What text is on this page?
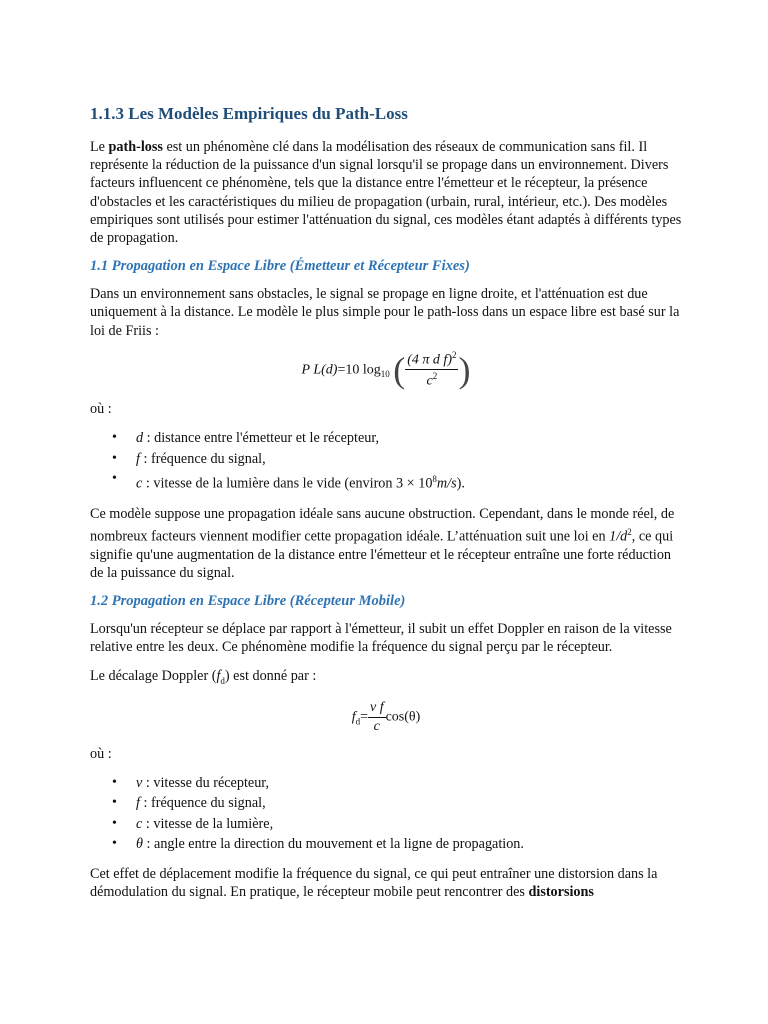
1.1.3 Les Modèles Empiriques du Path-Loss

Le path-loss est un phénomène clé dans la modélisation des réseaux de communication sans fil. Il représente la réduction de la puissance d'un signal lorsqu'il se propage dans un environnement. Divers facteurs influencent ce phénomène, tels que la distance entre l'émetteur et le récepteur, la présence d'obstacles et les caractéristiques du milieu de propagation (urbain, rural, intérieur, etc.). Des modèles empiriques sont utilisés pour estimer l'atténuation du signal, ces modèles étant adaptés à différents types de propagation.

1.1 Propagation en Espace Libre (Émetteur et Récepteur Fixes)

Dans un environnement sans obstacles, le signal se propage en ligne droite, et l'atténuation est due uniquement à la distance. Le modèle le plus simple pour le path-loss dans un espace libre est basé sur la loi de Friis :

P L(d)=10 $\log_{10}$ ( $\frac{(4 \pi d f)^2}{c^2}$ )

où :

• d : distance entre l'émetteur et le récepteur,
• f : fréquence du signal,
• c : vitesse de la lumière dans le vide (environ $3 \times 10^8m/s$).

Ce modèle suppose une propagation idéale sans aucune obstruction. Cependant, dans le monde réel, de nombreux facteurs viennent modifier cette propagation idéale. L’atténuation suit une loi en $1/d^2$, ce qui signifie qu'une augmentation de la distance entre l'émetteur et le récepteur entraîne une forte réduction de la puissance du signal.

1.2 Propagation en Espace Libre (Récepteur Mobile)

Lorsqu'un récepteur se déplace par rapport à l'émetteur, il subit un effet Doppler en raison de la vitesse relative entre les deux. Ce phénomène modifie la fréquence du signal perçu par le récepteur.

Le décalage Doppler $(f_d)$ est donné par :

$f_d= \frac{\text{v f}}{c} \cos(\theta)$

où :

• v : vitesse du récepteur,
• f : fréquence du signal,
• c : vitesse de la lumière,
• θ : angle entre la direction du mouvement et la ligne de propagation.

Cet effet de déplacement modifie la fréquence du signal, ce qui peut entraîner une distorsion dans la démodulation du signal. En pratique, le récepteur mobile peut rencontrer des distorsions
